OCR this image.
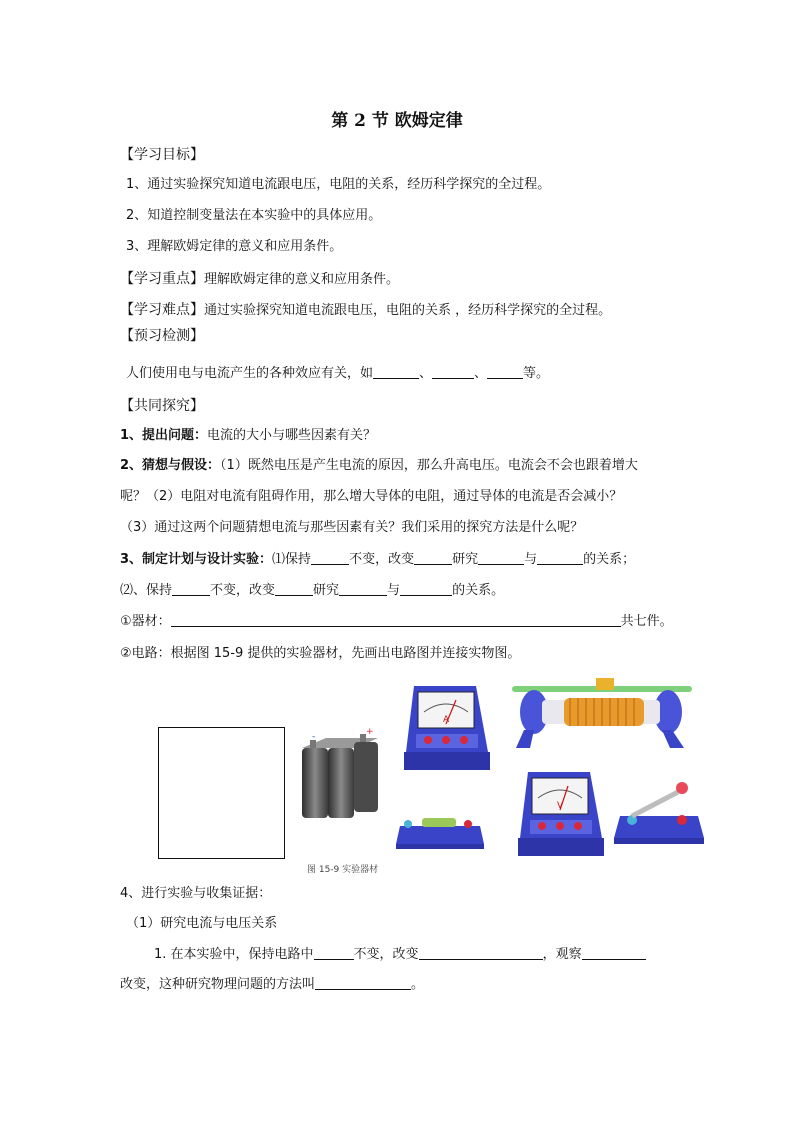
第 2 节 欧姆定律
【学习目标】
1、通过实验探究知道电流跟电压，电阻的关系，经历科学探究的全过程。
2、知道控制变量法在本实验中的具体应用。
3、理解欧姆定律的意义和应用条件。
【学习重点】理解欧姆定律的意义和应用条件。
【学习难点】通过实验探究知道电流跟电压，电阻的关系 ，经历科学探究的全过程。
【预习检测】
人们使用电与电流产生的各种效应有关，如	、	、	等。
【共同探究】
1、提出问题：电流的大小与哪些因素有关？
2、猜想与假设：（1）既然电压是产生电流的原因，那么升高电压。电流会不会也跟着增大
呢？（2）电阻对电流有阻碍作用，那么增大导体的电阻，通过导体的电流是否会减小？
（3）通过这两个问题猜想电流与那些因素有关？我们采用的探究方法是什么呢？
3、制定计划与设计实验：⑴保持	不变，改变	研究	与	的关系；
⑵、保持	不变，改变	研究	与	的关系。
①器材：	共七件。
②电路：根据图 15-9 提供的实验器材，先画出电路图并连接实物图。
-	+
A
V
图 15-9 实验器材
4、进行实验与收集证据：
（1）研究电流与电压关系
1. 在本实验中，保持电路中	不变，改变	，观察
改变，这种研究物理问题的方法叫	。
